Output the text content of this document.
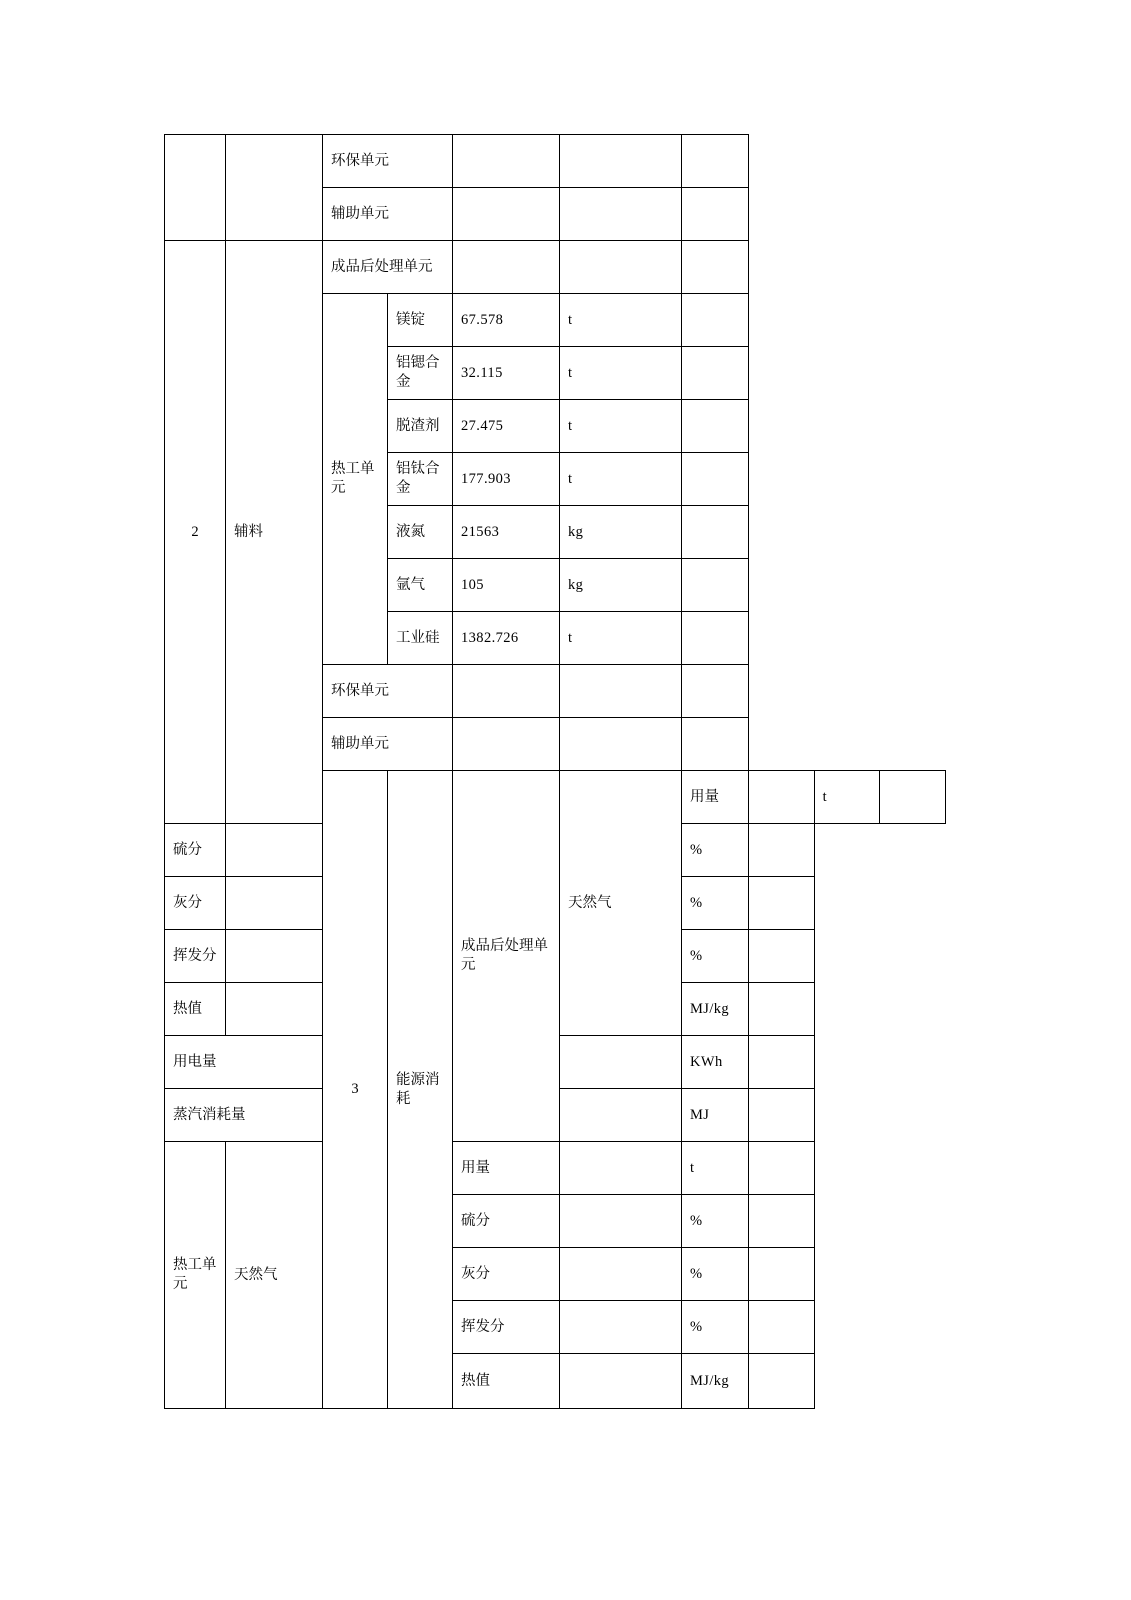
		环保单元							
		辅助单元							
2	辅料	成品后处理单元							
		热工单元	镁锭	67.578	t				
			铝锶合金	32.115	t				
			脱渣剂	27.475	t				
			铝钛合金	177.903	t				
			液氮	21563	kg				
			氩气	105	kg				
			工业硅	1382.726	t				
		环保单元							
		辅助单元							
		3	能源消耗	成品后处理单元	天然气	用量		t	
硫分						%			
灰分						%			
挥发分						%			
热值						MJ/kg			
用电量						KWh			
蒸汽消耗量						MJ			
热工单元	天然气			用量		t			
				硫分		%			
				灰分		%			
				挥发分		%			
				热值		MJ/kg			
